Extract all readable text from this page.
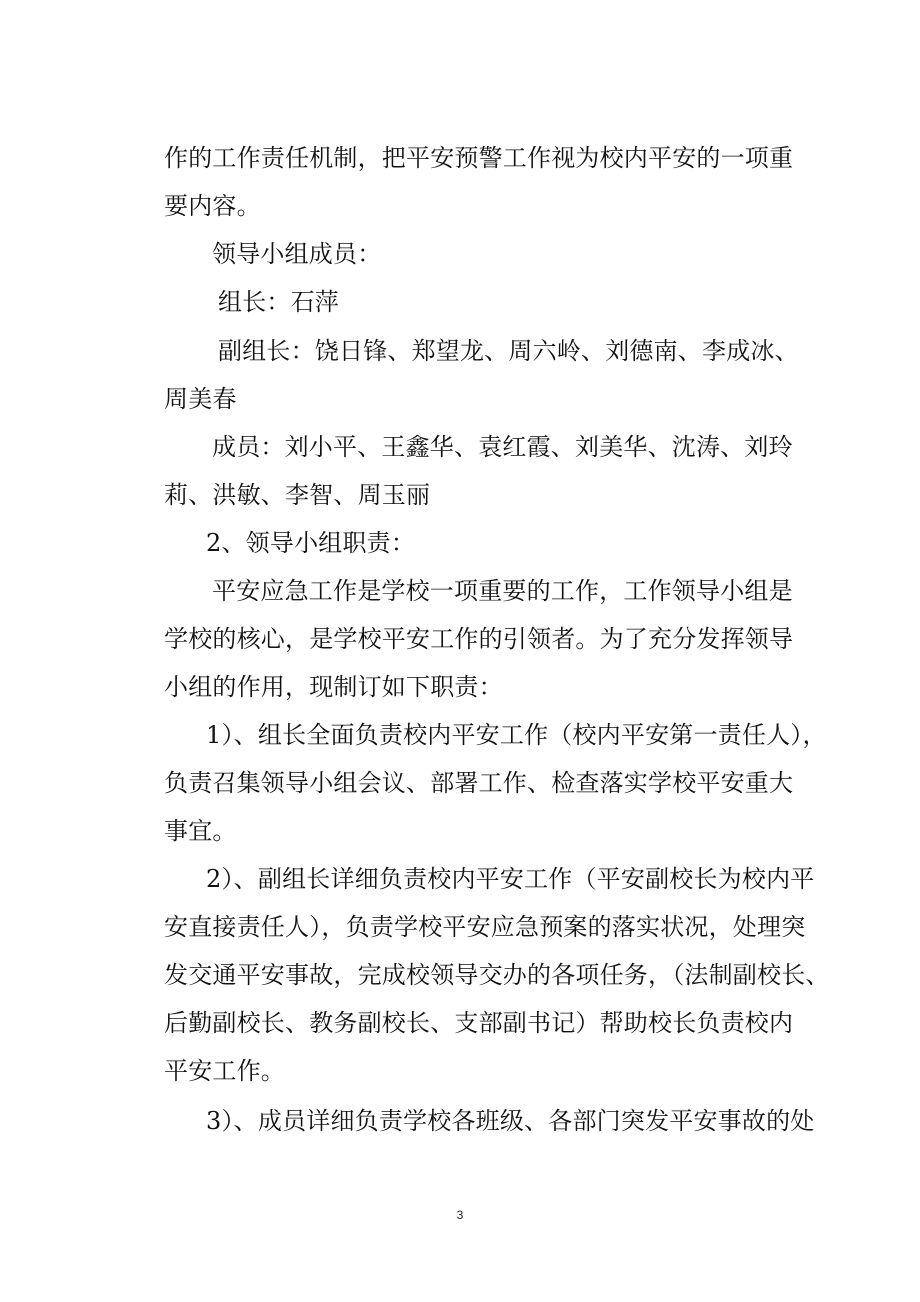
作的工作责任机制，把平安预警工作视为校内平安的一项重
要内容。
领导小组成员：
组长：石萍
副组长：饶日锋、郑望龙、周六岭、刘德南、李成冰、
周美春
成员：刘小平、王鑫华、袁红霞、刘美华、沈涛、刘玲
莉、洪敏、李智、周玉丽
2、领导小组职责：
平安应急工作是学校一项重要的工作，工作领导小组是
学校的核心，是学校平安工作的引领者。为了充分发挥领导
小组的作用，现制订如下职责：
1）、组长全面负责校内平安工作（校内平安第一责任人），
负责召集领导小组会议、部署工作、检查落实学校平安重大
事宜。
2）、副组长详细负责校内平安工作（平安副校长为校内平
安直接责任人），负责学校平安应急预案的落实状况，处理突
发交通平安事故，完成校领导交办的各项任务，（法制副校长、
后勤副校长、教务副校长、支部副书记）帮助校长负责校内
平安工作。
3）、成员详细负责学校各班级、各部门突发平安事故的处
3
